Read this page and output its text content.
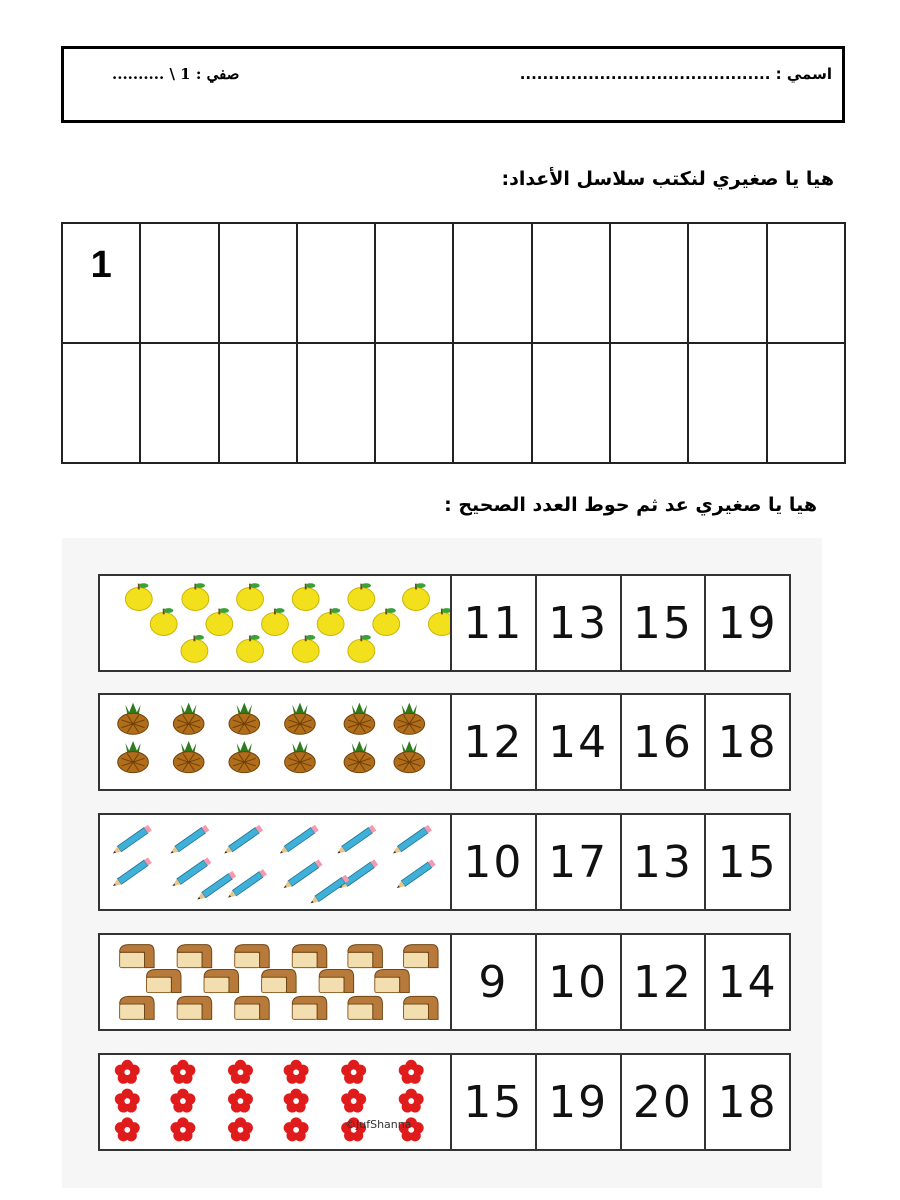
اسمي : ............................................
صفي : 1 \ ..........
هيا يا صغيري لنكتب سلاسل الأعداد:
1									

هيا يا صغيري عد ثم حوط العدد الصحيح :
11 13 15 19
12 14 16 18
10 17 13 15
9 10 12 14
15 19 20 18
©JufShanna
